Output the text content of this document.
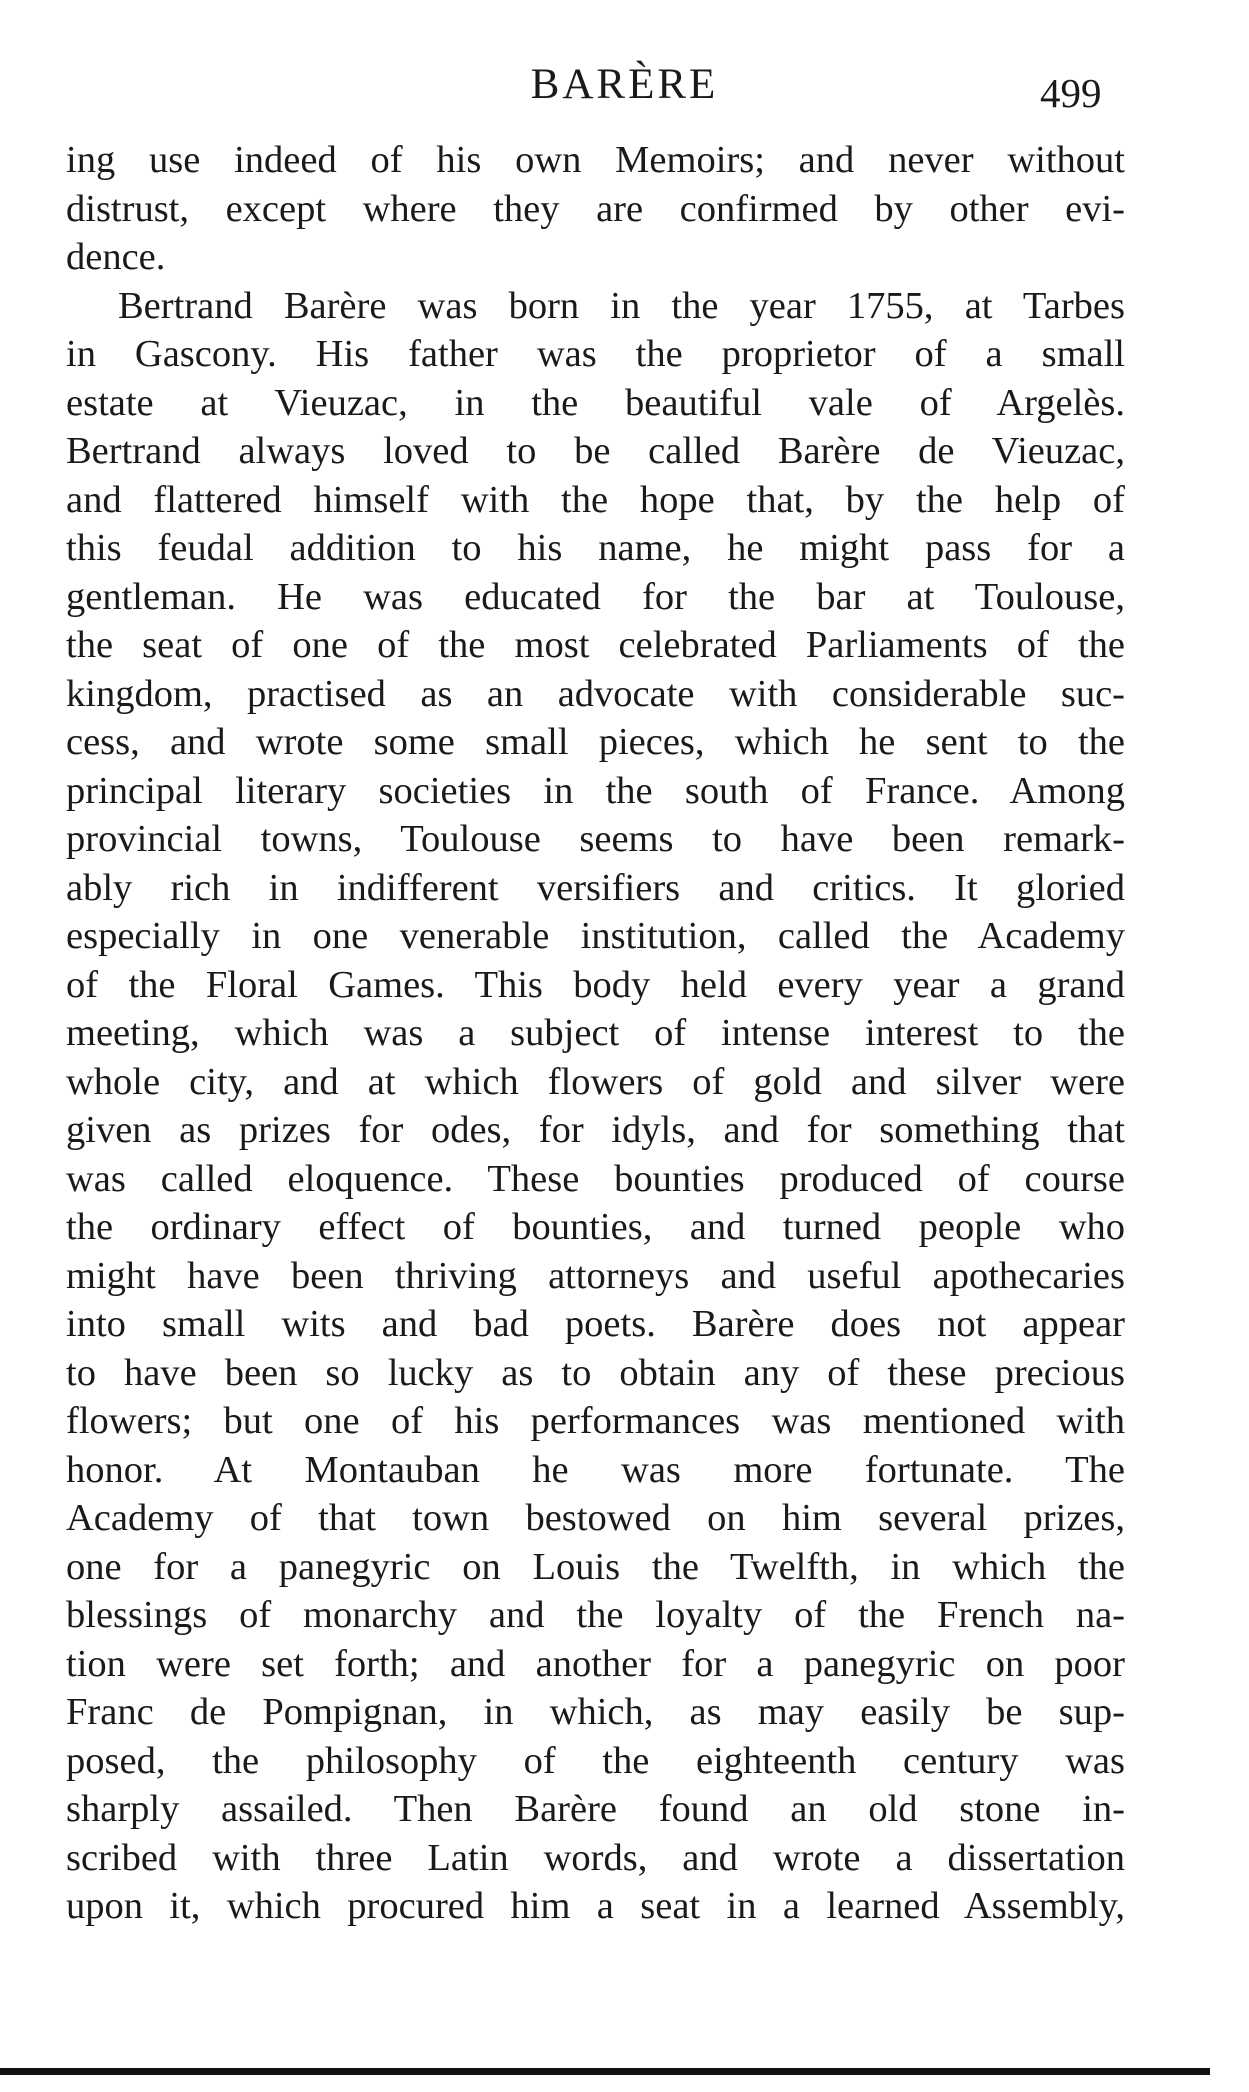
BARÈRE	499
ing use indeed of his own Memoirs; and never without
distrust, except where they are confirmed by other evi-
dence.
Bertrand Barère was born in the year 1755, at Tarbes
in Gascony. His father was the proprietor of a small
estate at Vieuzac, in the beautiful vale of Argelès.
Bertrand always loved to be called Barère de Vieuzac,
and flattered himself with the hope that, by the help of
this feudal addition to his name, he might pass for a
gentleman. He was educated for the bar at Toulouse,
the seat of one of the most celebrated Parliaments of the
kingdom, practised as an advocate with considerable suc-
cess, and wrote some small pieces, which he sent to the
principal literary societies in the south of France. Among
provincial towns, Toulouse seems to have been remark-
ably rich in indifferent versifiers and critics. It gloried
especially in one venerable institution, called the Academy
of the Floral Games. This body held every year a grand
meeting, which was a subject of intense interest to the
whole city, and at which flowers of gold and silver were
given as prizes for odes, for idyls, and for something that
was called eloquence. These bounties produced of course
the ordinary effect of bounties, and turned people who
might have been thriving attorneys and useful apothecaries
into small wits and bad poets. Barère does not appear
to have been so lucky as to obtain any of these precious
flowers; but one of his performances was mentioned with
honor. At Montauban he was more fortunate. The
Academy of that town bestowed on him several prizes,
one for a panegyric on Louis the Twelfth, in which the
blessings of monarchy and the loyalty of the French na-
tion were set forth; and another for a panegyric on poor
Franc de Pompignan, in which, as may easily be sup-
posed, the philosophy of the eighteenth century was
sharply assailed. Then Barère found an old stone in-
scribed with three Latin words, and wrote a dissertation
upon it, which procured him a seat in a learned Assembly,
